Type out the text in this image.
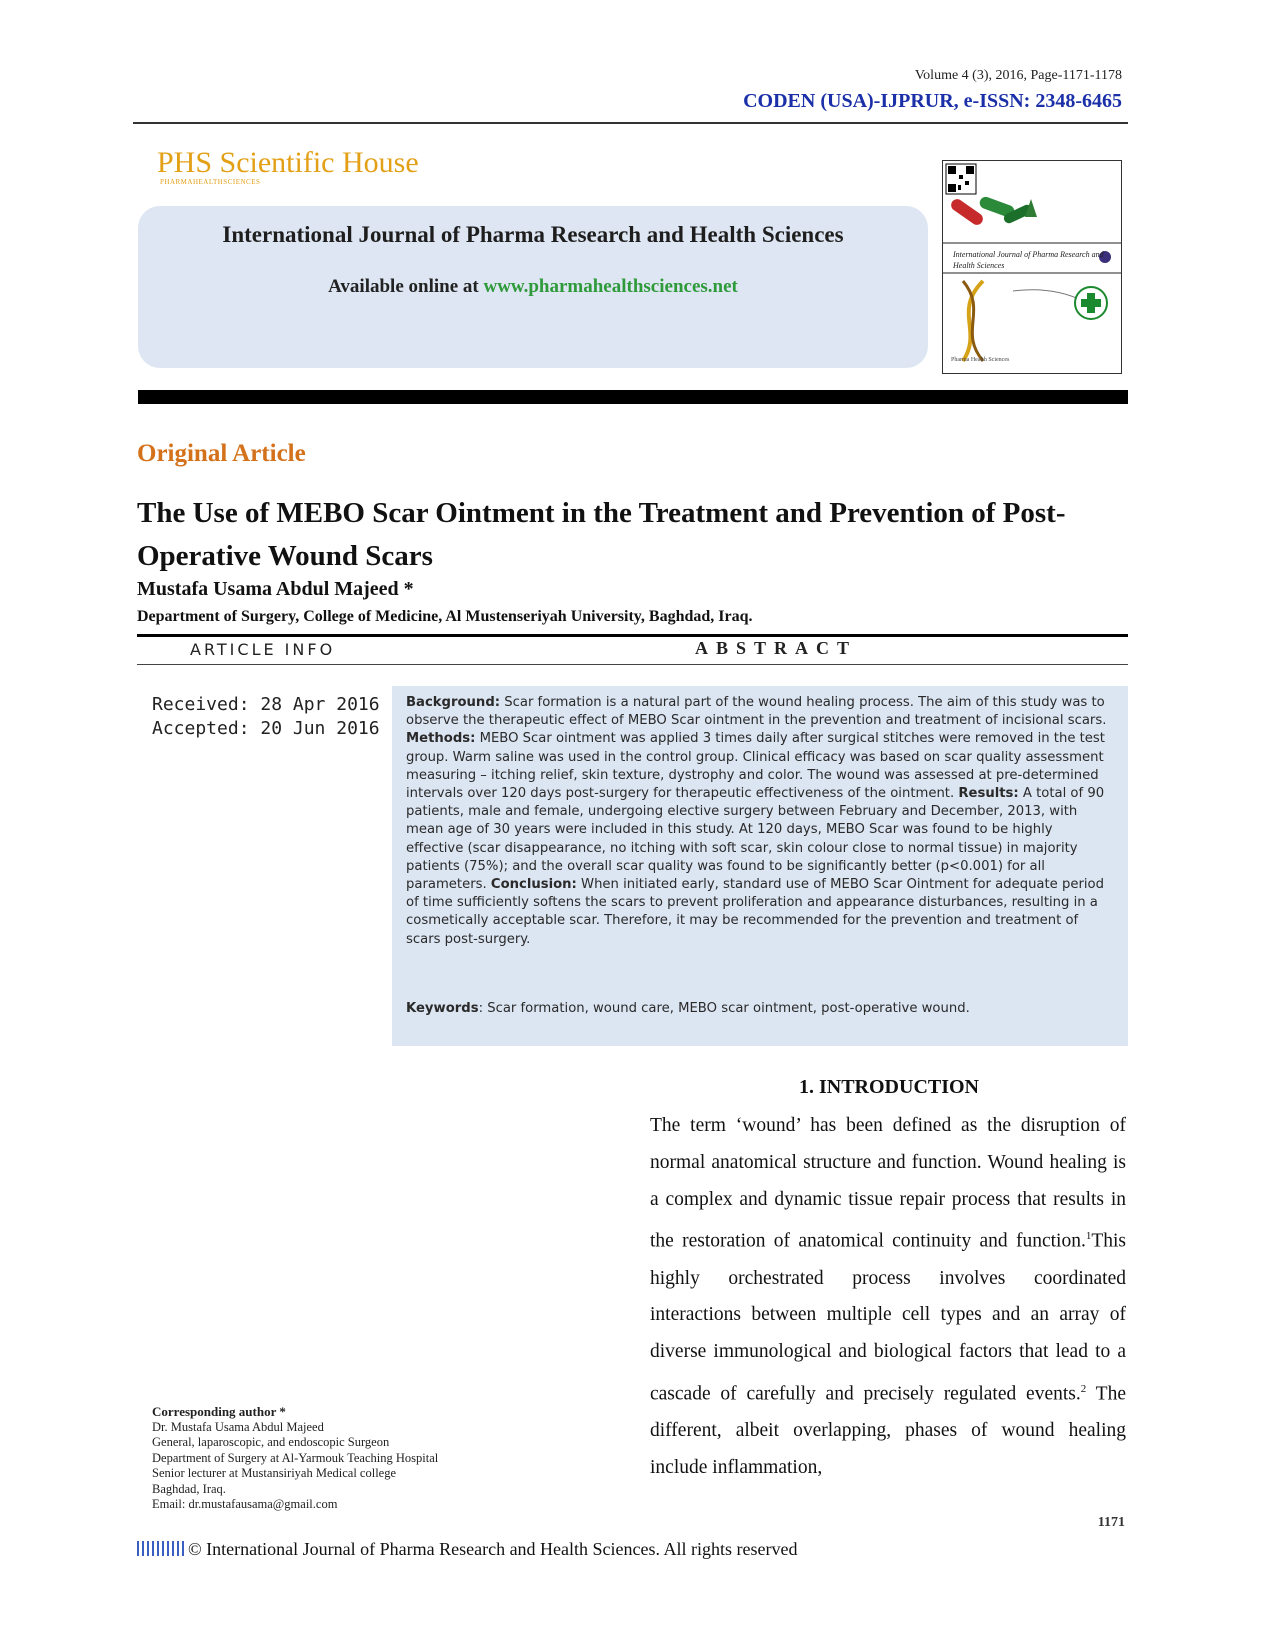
Volume 4 (3), 2016, Page-1171-1178
CODEN (USA)-IJPRUR, e-ISSN: 2348-6465
PHS Scientific House
PHARMAHEALTHSCIENCES
International Journal of Pharma Research and Health Sciences
Available online at www.pharmahealthsciences.net
International Journal of Pharma Research and Health Sciences
Pharma Health Sciences
Original Article
The Use of MEBO Scar Ointment in the Treatment and Prevention of Post-Operative Wound Scars
Mustafa Usama Abdul Majeed *
Department of Surgery, College of Medicine, Al Mustenseriyah University, Baghdad, Iraq.
ARTICLE INFO	ABSTRACT
Received: 28 Apr 2016
Accepted: 20 Jun 2016
Background: Scar formation is a natural part of the wound healing process. The aim of this study was to observe the therapeutic effect of MEBO Scar ointment in the prevention and treatment of incisional scars. Methods: MEBO Scar ointment was applied 3 times daily after surgical stitches were removed in the test group. Warm saline was used in the control group. Clinical efficacy was based on scar quality assessment measuring – itching relief, skin texture, dystrophy and color. The wound was assessed at pre-determined intervals over 120 days post-surgery for therapeutic effectiveness of the ointment. Results: A total of 90 patients, male and female, undergoing elective surgery between February and December, 2013, with mean age of 30 years were included in this study. At 120 days, MEBO Scar was found to be highly effective (scar disappearance, no itching with soft scar, skin colour close to normal tissue) in majority patients (75%); and the overall scar quality was found to be significantly better (p<0.001) for all parameters. Conclusion: When initiated early, standard use of MEBO Scar Ointment for adequate period of time sufficiently softens the scars to prevent proliferation and appearance disturbances, resulting in a cosmetically acceptable scar. Therefore, it may be recommended for the prevention and treatment of scars post-surgery.
Keywords: Scar formation, wound care, MEBO scar ointment, post-operative wound.
1. INTRODUCTION
The term ‘wound’ has been defined as the disruption of normal anatomical structure and function. Wound healing is a complex and dynamic tissue repair process that results in the restoration of anatomical continuity and function.$^1$This highly orchestrated process involves coordinated interactions between multiple cell types and an array of diverse immunological and biological factors that lead to a cascade of carefully and precisely regulated events.$^2$ The different, albeit overlapping, phases of wound healing include inflammation,
Corresponding author *
Dr. Mustafa Usama Abdul Majeed
General, laparoscopic, and endoscopic Surgeon
Department of Surgery at Al-Yarmouk Teaching Hospital
Senior lecturer at Mustansiriyah Medical college
Baghdad, Iraq.
Email: dr.mustafausama@gmail.com
1171
© International Journal of Pharma Research and Health Sciences. All rights reserved
